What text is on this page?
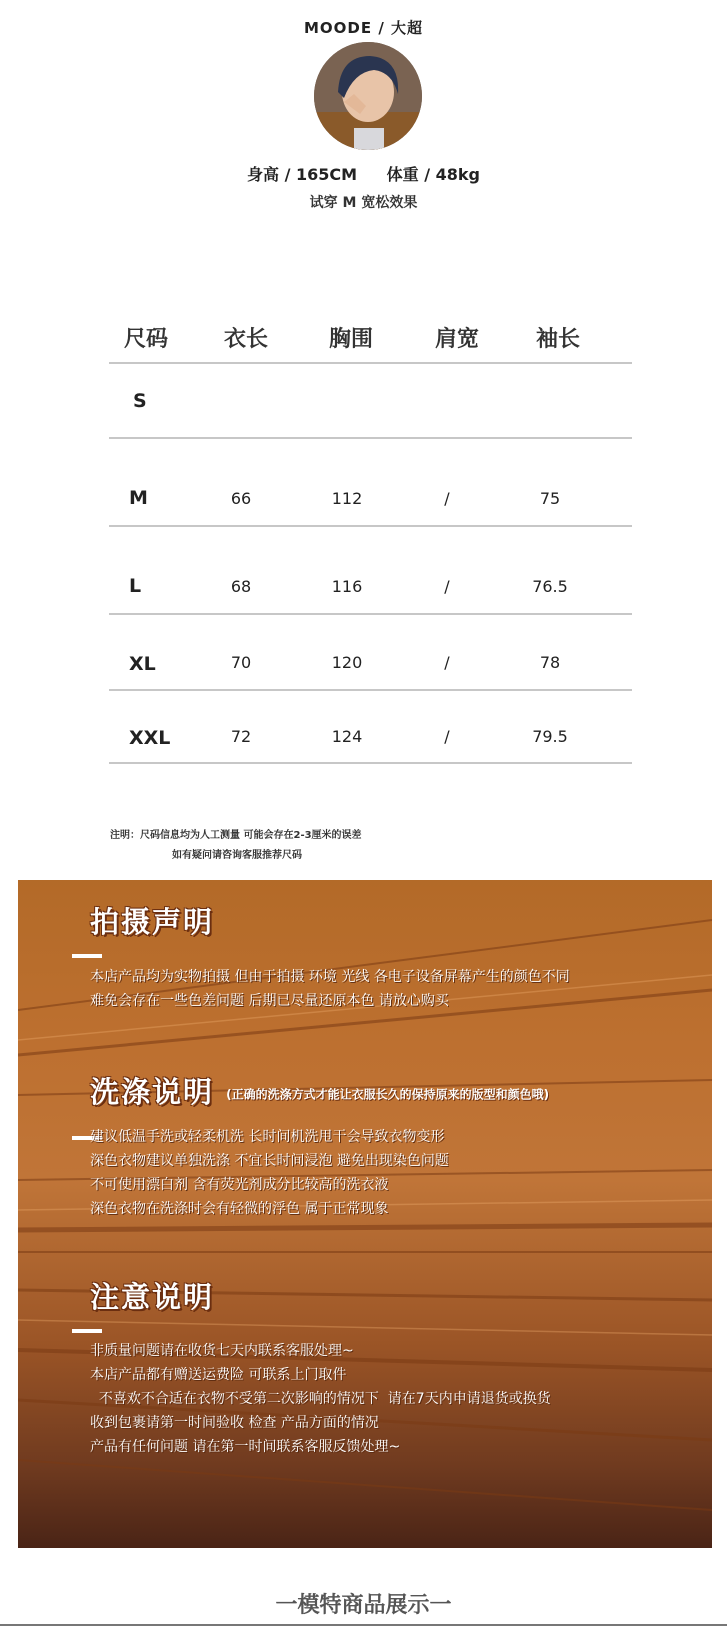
MOODE / 大超
身高 / 165CM 体重 / 48kg
试穿 M 宽松效果
尺码	衣长	胸围	肩宽	袖长
S
M	66	112	/	75
L	68	116	/	76.5
XL	70	120	/	78
XXL	72	124	/	79.5
注明：尺码信息均为人工测量 可能会存在2-3厘米的误差
如有疑问请咨询客服推荐尺码
拍摄声明
本店产品均为实物拍摄 但由于拍摄 环境 光线 各电子设备屏幕产生的颜色不同
难免会存在一些色差问题 后期已尽量还原本色 请放心购买
洗涤说明 (正确的洗涤方式才能让衣服长久的保持原来的版型和颜色哦)
建议低温手洗或轻柔机洗 长时间机洗甩干会导致衣物变形
深色衣物建议单独洗涤 不宜长时间浸泡 避免出现染色问题
不可使用漂白剂 含有荧光剂成分比较高的洗衣液
深色衣物在洗涤时会有轻微的浮色 属于正常现象
注意说明
非质量问题请在收货七天内联系客服处理~
本店产品都有赠送运费险 可联系上门取件
不喜欢不合适在衣物不受第二次影响的情况下  请在7天内申请退货或换货
收到包裹请第一时间验收 检查 产品方面的情况
产品有任何问题 请在第一时间联系客服反馈处理~
一模特商品展示一
